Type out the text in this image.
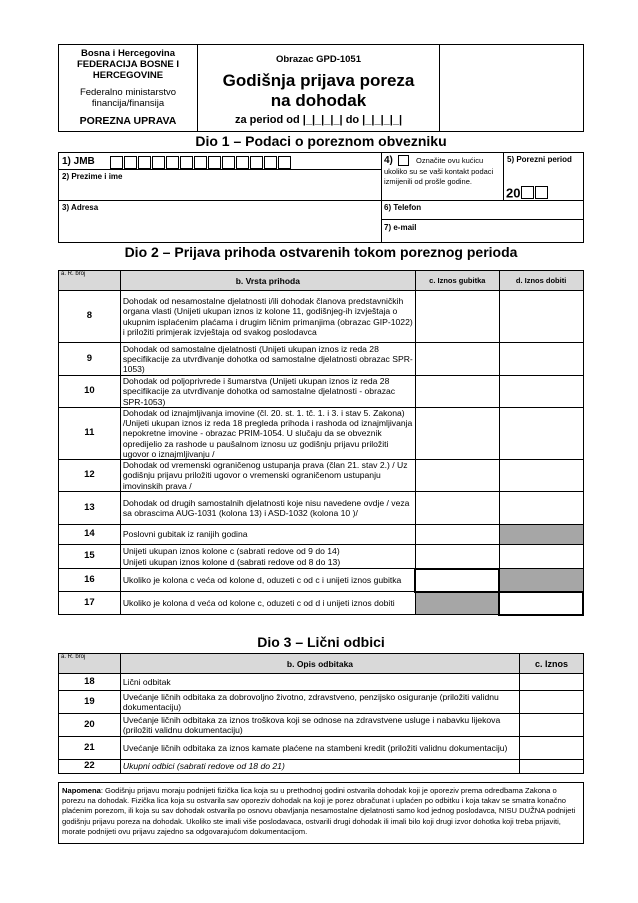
Bosna i Hercegovina
FEDERACIJA BOSNE I
HERCEGOVINE
Federalno ministarstvo
financija/finansija
POREZNA UPRAVA
Obrazac GPD-1051
Godišnja prijava poreza
na dohodak
za period od |_|_|_|_| do |_|_|_|_|
Dio 1 – Podaci o poreznom obvezniku
1) JMB
2) Prezime i ime
3) Adresa
4)	Označite ovu kućicu ukoliko su se vaši kontakt podaci izmijenili od prošle godine.
5) Porezni period
20
6) Telefon
7) e-mail
Dio 2 – Prijava prihoda ostvarenih tokom poreznog perioda
a. R. broj	b. Vrsta prihoda	c. Iznos gubitka	d. Iznos dobiti
8	Dohodak od nesamostalne djelatnosti i/ili dohodak članova predstavničkih organa vlasti (Unijeti ukupan iznos iz kolone 11, godišnjeg-ih izvještaja o ukupnim isplaćenim plaćama i drugim ličnim primanjima (obrazac GIP-1022) i priložiti primjerak izvještaja od svakog poslodavca		
9	Dohodak od samostalne djelatnosti (Unijeti ukupan iznos iz reda 28 specifikacije za utvrđivanje dohotka od samostalne djelatnosti obrazac SPR-1053)		
10	Dohodak od poljoprivrede i šumarstva (Unijeti ukupan iznos iz reda 28 specifikacije za utvrđivanje dohotka od samostalne djelatnosti - obrazac SPR-1053)		
11	Dohodak od iznajmljivanja imovine (čl. 20. st. 1. tč. 1. i 3. i stav 5. Zakona) /Unijeti ukupan iznos iz reda 18 pregleda prihoda i rashoda od iznajmljivanja nepokretne imovine - obrazac PRIM-1054. U slučaju da se obveznik opredijelio za rashode u paušalnom iznosu uz godišnju prijavu priložiti ugovor o iznajmljivanju /		
12	Dohodak od vremenski ograničenog ustupanja prava (član 21. stav 2.) / Uz godišnju prijavu priložiti ugovor o vremenski ograničenom ustupanju imovinskih prava /		
13	Dohodak od drugih samostalnih djelatnosti koje nisu navedene ovdje / veza sa obrascima AUG-1031 (kolona 13) i ASD-1032 (kolona 10 )/		
14	Poslovni gubitak iz ranijih godina		
15	Unijeti ukupan iznos kolone c (sabrati redove od 9 do 14)
Unijeti ukupan iznos kolone d (sabrati redove od 8 do 13)		
16	Ukoliko je kolona c veća od kolone d, oduzeti c od c i unijeti iznos gubitka		
17	Ukoliko je kolona d veća od kolone c, oduzeti c od d i unijeti iznos dobiti		
Dio 3 – Lični odbici
a. R. broj	b. Opis odbitaka	c. Iznos
18	Lični odbitak	
19	Uvećanje ličnih odbitaka za dobrovoljno životno, zdravstveno, penzijsko osiguranje (priložiti validnu dokumentaciju)	
20	Uvećanje ličnih odbitaka za iznos troškova koji se odnose na zdravstvene usluge i nabavku lijekova (priložiti validnu dokumentaciju)	
21	Uvećanje ličnih odbitaka za iznos kamate plaćene na stambeni kredit (priložiti validnu dokumentaciju)	
22	Ukupni odbici (sabrati redove od 18 do 21)	
Napomena: Godišnju prijavu moraju podnijeti fizička lica koja su u prethodnoj godini ostvarila dohodak koji je oporeziv prema odredbama Zakona o porezu na dohodak. Fizička lica koja su ostvarila sav oporeziv dohodak na koji je porez obračunat i uplaćen po odbitku i koja takav se smatra konačno plaćenim porezom, ili koja su sav dohodak ostvarila po osnovu obavljanja nesamostalne djelatnosti samo kod jednog poslodavca, NISU DUŽNA podnijeti godišnju prijavu poreza na dohodak. Ukoliko ste imali više poslodavaca, ostvarili drugi dohodak ili imali bilo koji drugi izvor dohotka koji treba prijaviti, morate podnijeti ovu prijavu zajedno sa odgovarajućom dokumentacijom.
